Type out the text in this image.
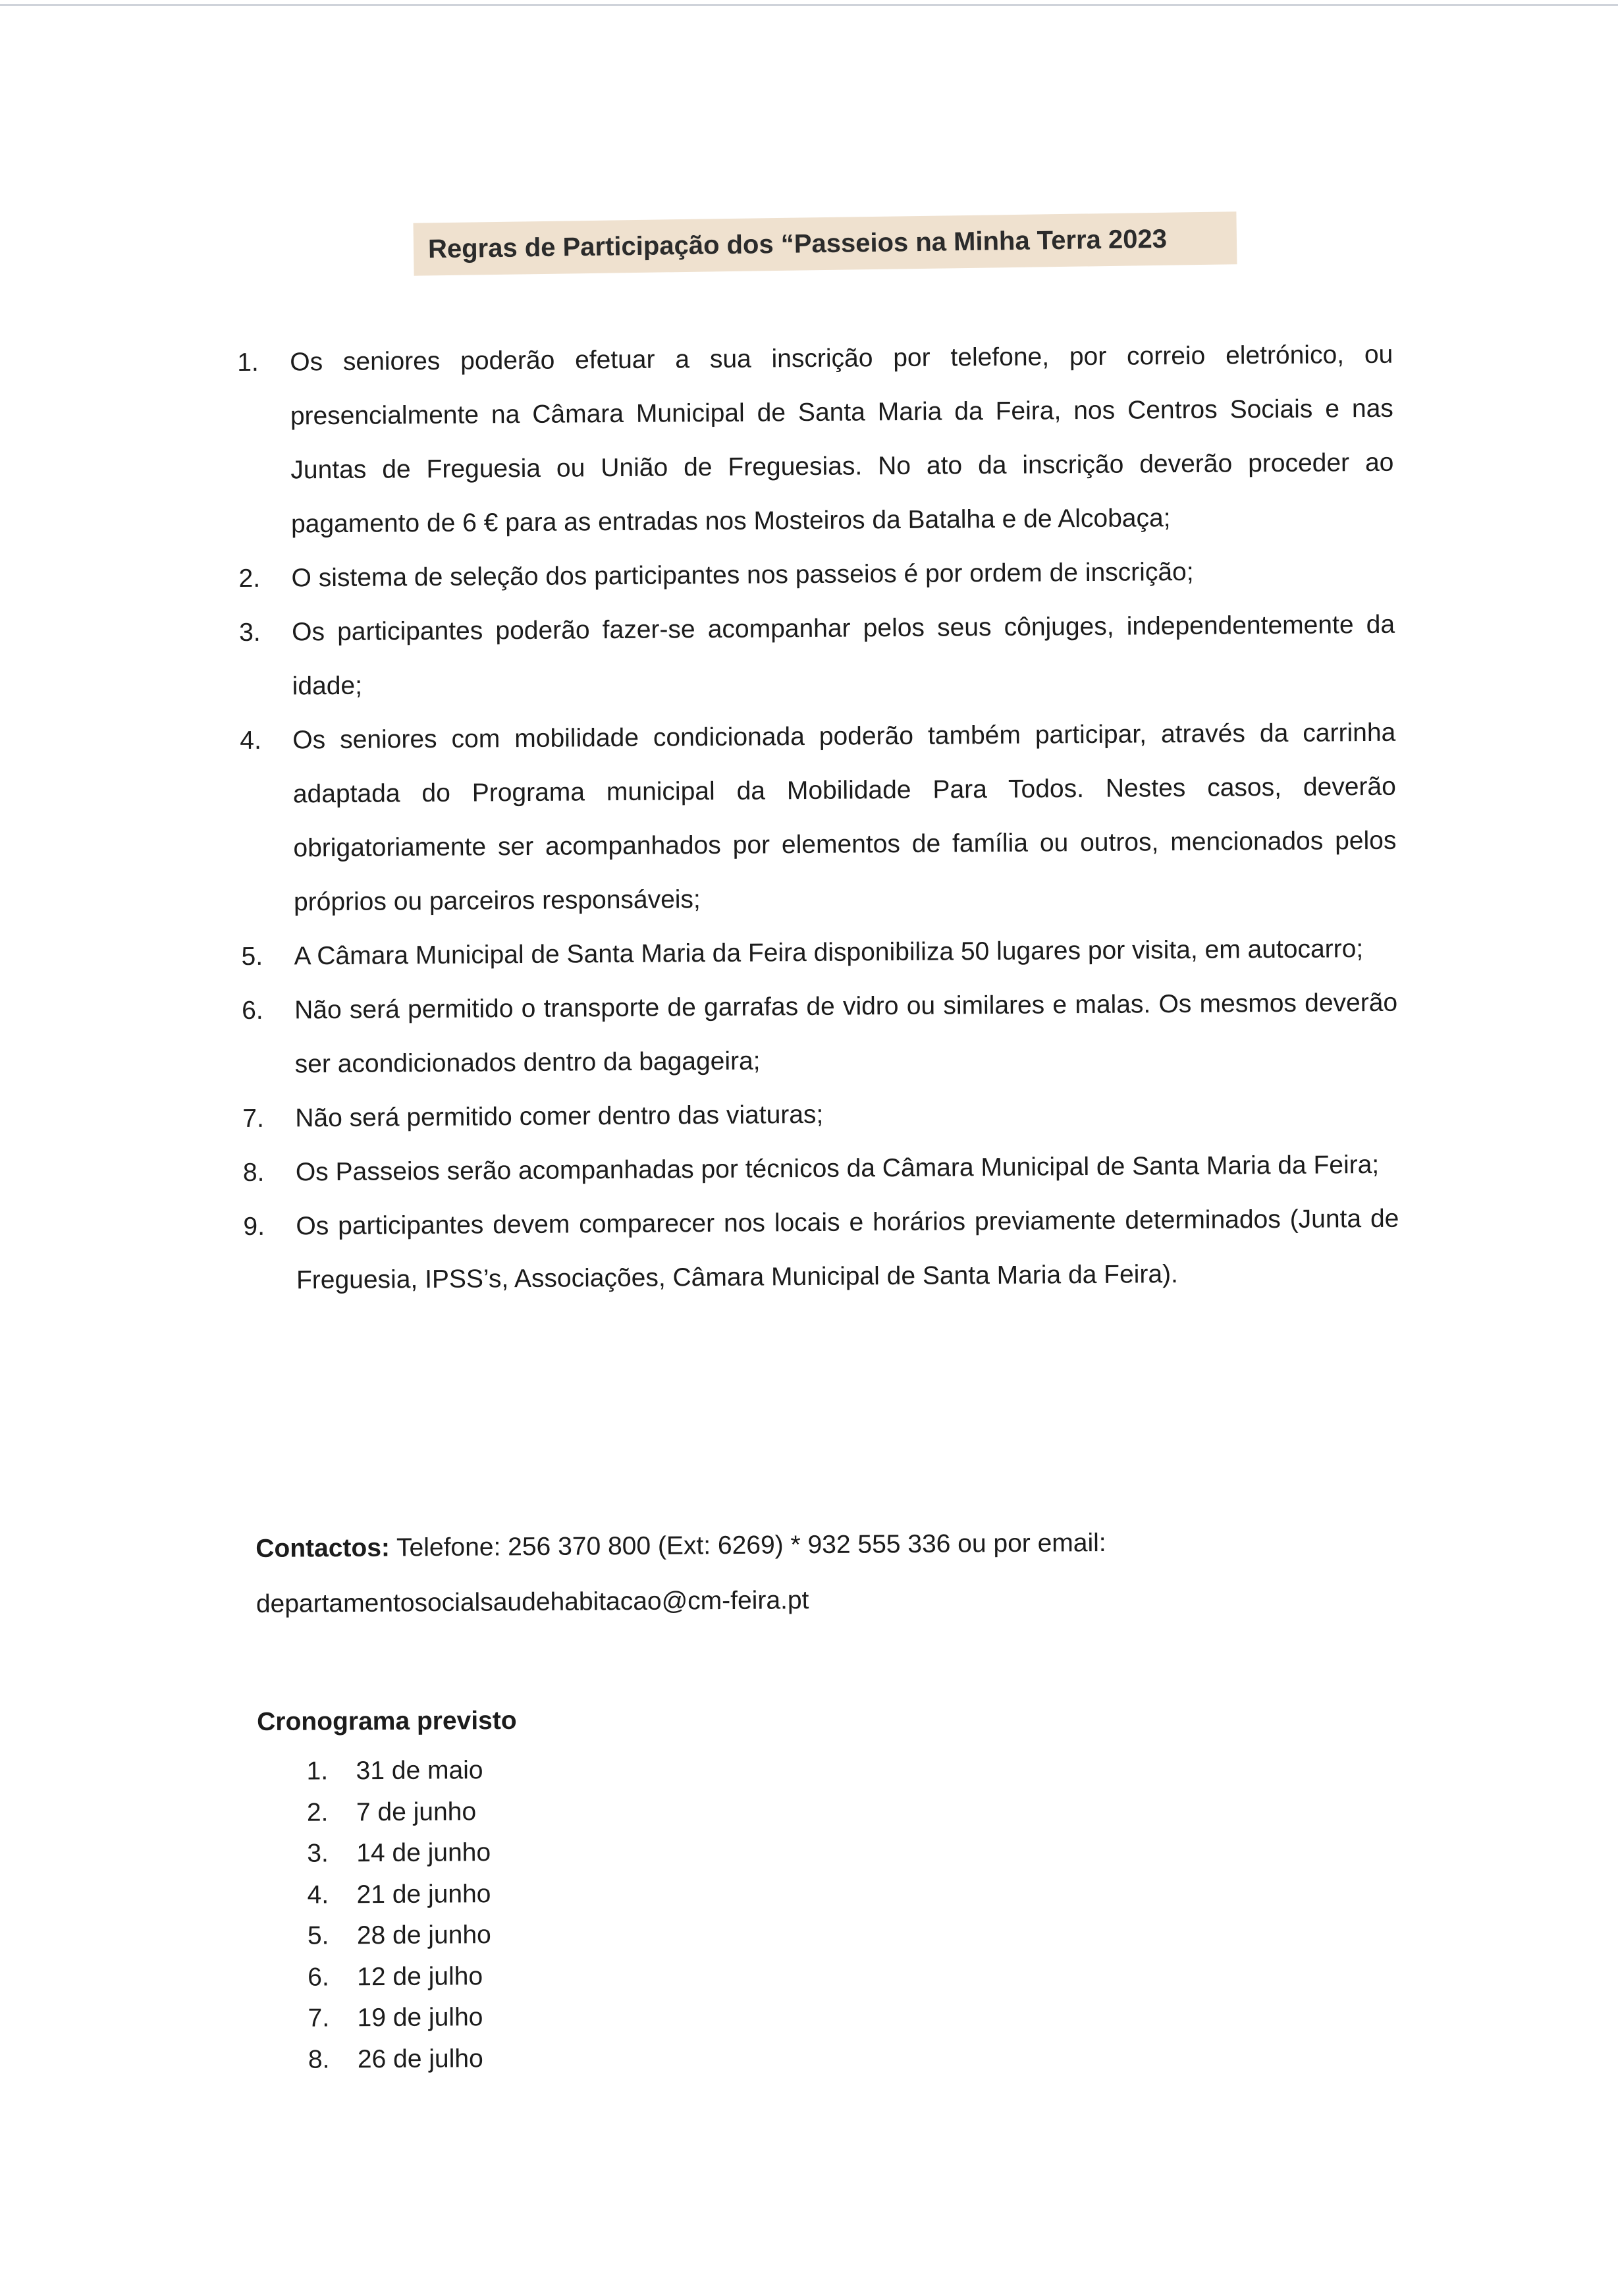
Regras de Participação dos “Passeios na Minha Terra 2023
1.	Os seniores poderão efetuar a sua inscrição por telefone, por correio eletrónico, ou presencialmente na Câmara Municipal de Santa Maria da Feira, nos Centros Sociais e nas Juntas de Freguesia ou União de Freguesias. No ato da inscrição deverão proceder ao pagamento de 6 € para as entradas nos Mosteiros da Batalha e de Alcobaça;
2.	O sistema de seleção dos participantes nos passeios é por ordem de inscrição;
3.	Os participantes poderão fazer-se acompanhar pelos seus cônjuges, independentemente da idade;
4.	Os seniores com mobilidade condicionada poderão também participar, através da carrinha adaptada do Programa municipal da Mobilidade Para Todos. Nestes casos, deverão obrigatoriamente ser acompanhados por elementos de família ou outros, mencionados pelos próprios ou parceiros responsáveis;
5.	A Câmara Municipal de Santa Maria da Feira disponibiliza 50 lugares por visita, em autocarro;
6.	Não será permitido o transporte de garrafas de vidro ou similares e malas. Os mesmos deverão ser acondicionados dentro da bagageira;
7.	Não será permitido comer dentro das viaturas;
8.	Os Passeios serão acompanhadas por técnicos da Câmara Municipal de Santa Maria da Feira;
9.	Os participantes devem comparecer nos locais e horários previamente determinados (Junta de Freguesia, IPSS’s, Associações, Câmara Municipal de Santa Maria da Feira).
Contactos: Telefone: 256 370 800 (Ext: 6269) * 932 555 336 ou por email:
departamentosocialsaudehabitacao@cm-feira.pt
Cronograma previsto
1.	31 de maio
2.	7 de junho
3.	14 de junho
4.	21 de junho
5.	28 de junho
6.	12 de julho
7.	19 de julho
8.	26 de julho
